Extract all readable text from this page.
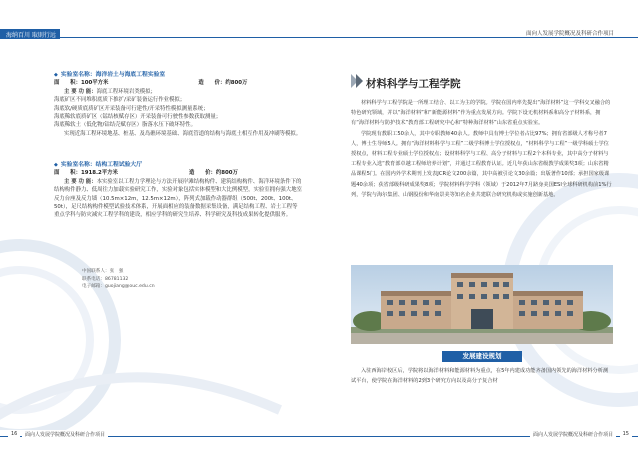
海纳百川 取則行远
◆ 实验室名称：海洋岩土与海底工程实验室
面　　积：100平方米	造　　价：约800万

主 要 功 能：海底工程环境岩类模拟；

海底矿区不同堆积底质下推扩/采矿装备运行作业模拟；

海底软/硬质底质矿区开采装备可行建性/开采特性模拟测量系统；

海底稀软底质矿区（锰结核赋存区）开采装备可行驶性参数获取测量；

海底稀软土（低化物/钴结壳赋存区）脂落水压下破坏特性。

实现近海工程环境地基、桩基、及岛礁环境基础、海底管道的结构与海底土相互作用及冲刷等模拟。

◆ 实验室名称：结构工程试验大厅
面　　积：1918.2平方米	造　　价：约800万

主 要 功 能：本实验室以工程力学理论与方法开展岸滩结构构件、建筑结构构件、海洋环境条件下的结构构件静力、低周往力加载实验研究工作，实验对象包括实体模型和大比例模型，实验室拥有强大地室反力台座及反力墙（10.5m×12m，12.5m×12m），阵列式加载作动器群组（500t、200t、100t、50t），足尺结构构件模型试验技术体系，开展面相应的装备数据采集设备，满足结构工程、岩土工程等重点学科与防灾减灾工程学科的建设，相应学科的研究生培养、科学研究及科技成果转化提供服务。

中国联系人：张　强
联系电话：86781132
电子邮箱：guojiang@ouc.edu.cn
16	面向人发展学院概况及科研合作项目
面向人发展学院概况及科研合作项目
材料科学与工程学院

材料科学与工程学院是一所理工结合、以工为主的学院。学院在国内率先提出“海洋材料”这一学科交叉融合的特色研究领域，并以“海洋材料”和“新能源材料”作为重点发展方向。学院下设无机材料系和高分子材料系，拥有“海洋材料与防护技术”教育部工程研究中心和“特种海洋材料”山东省重点实验室。

学院现有教职工50余人，其中专职教师40余人。教师中具有博士学位者占比97%；拥有省部级人才称号者7人，博士生导师5人。拥有“海洋材料科学与工程”二级学科博士学位授权点，“材料科学与工程”一级学科硕士学位授权点，材料工程专业硕士学位授权点；设材料科学与工程、高分子材料与工程2个本科专业，其中高分子材料与工程专业入选“教育部卓越工程师培养计划”，并通过工程教育认证。近几年获山东省级教学成果奖3项；山东省精品课程5门。在国内外学术期刊上发表JCR论文200余篇，其中高被引论文30余篇；出版著作10部；承担国家级课题40余项；获省部级科研成果奖8项；学院材料科学学科（领域）于2012年7月跻身美国ESI全球科研机构前1%行列，学院与海尔集团、山钢股份和华南景美等知名企业共建联合研究机构或实施创新基地。

发展建设规划

入驻西海岸校区后，学院将以海洋材料和能源材料为重点，在5年内建成功能齐备国内领先的海洋材料分析测试平台，使学院在海洋材料的2到3个研究方向以及高分子复合材

面向人发展学院概况及科研合作项目	15
